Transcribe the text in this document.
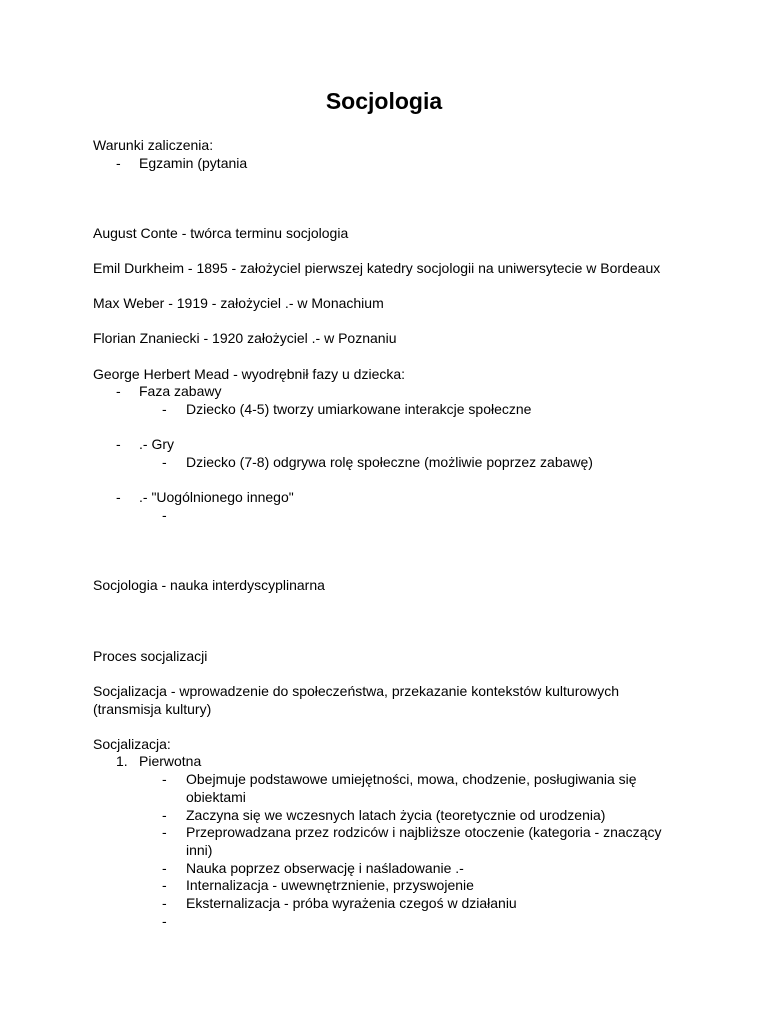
Socjologia
Warunki zaliczenia:
- Egzamin (pytania
August Conte - twórca terminu socjologia
Emil Durkheim - 1895 - założyciel pierwszej katedry socjologii na uniwersytecie w Bordeaux
Max Weber - 1919 - założyciel .- w Monachium
Florian Znaniecki - 1920 założyciel .- w Poznaniu
George Herbert Mead - wyodrębnił fazy u dziecka:
- Faza zabawy
- Dziecko (4-5) tworzy umiarkowane interakcje społeczne
- .- Gry
- Dziecko (7-8) odgrywa rolę społeczne (możliwie poprzez zabawę)
- .- "Uogólnionego innego"
-
Socjologia - nauka interdyscyplinarna
Proces socjalizacji
Socjalizacja - wprowadzenie do społeczeństwa, przekazanie kontekstów kulturowych
(transmisja kultury)
Socjalizacja:
1. Pierwotna
- Obejmuje podstawowe umiejętności, mowa, chodzenie, posługiwania się
obiektami
- Zaczyna się we wczesnych latach życia (teoretycznie od urodzenia)
- Przeprowadzana przez rodziców i najbliższe otoczenie (kategoria - znaczący
inni)
- Nauka poprzez obserwację i naśladowanie .-
- Internalizacja - uwewnętrznienie, przyswojenie
- Eksternalizacja - próba wyrażenia czegoś w działaniu
-
